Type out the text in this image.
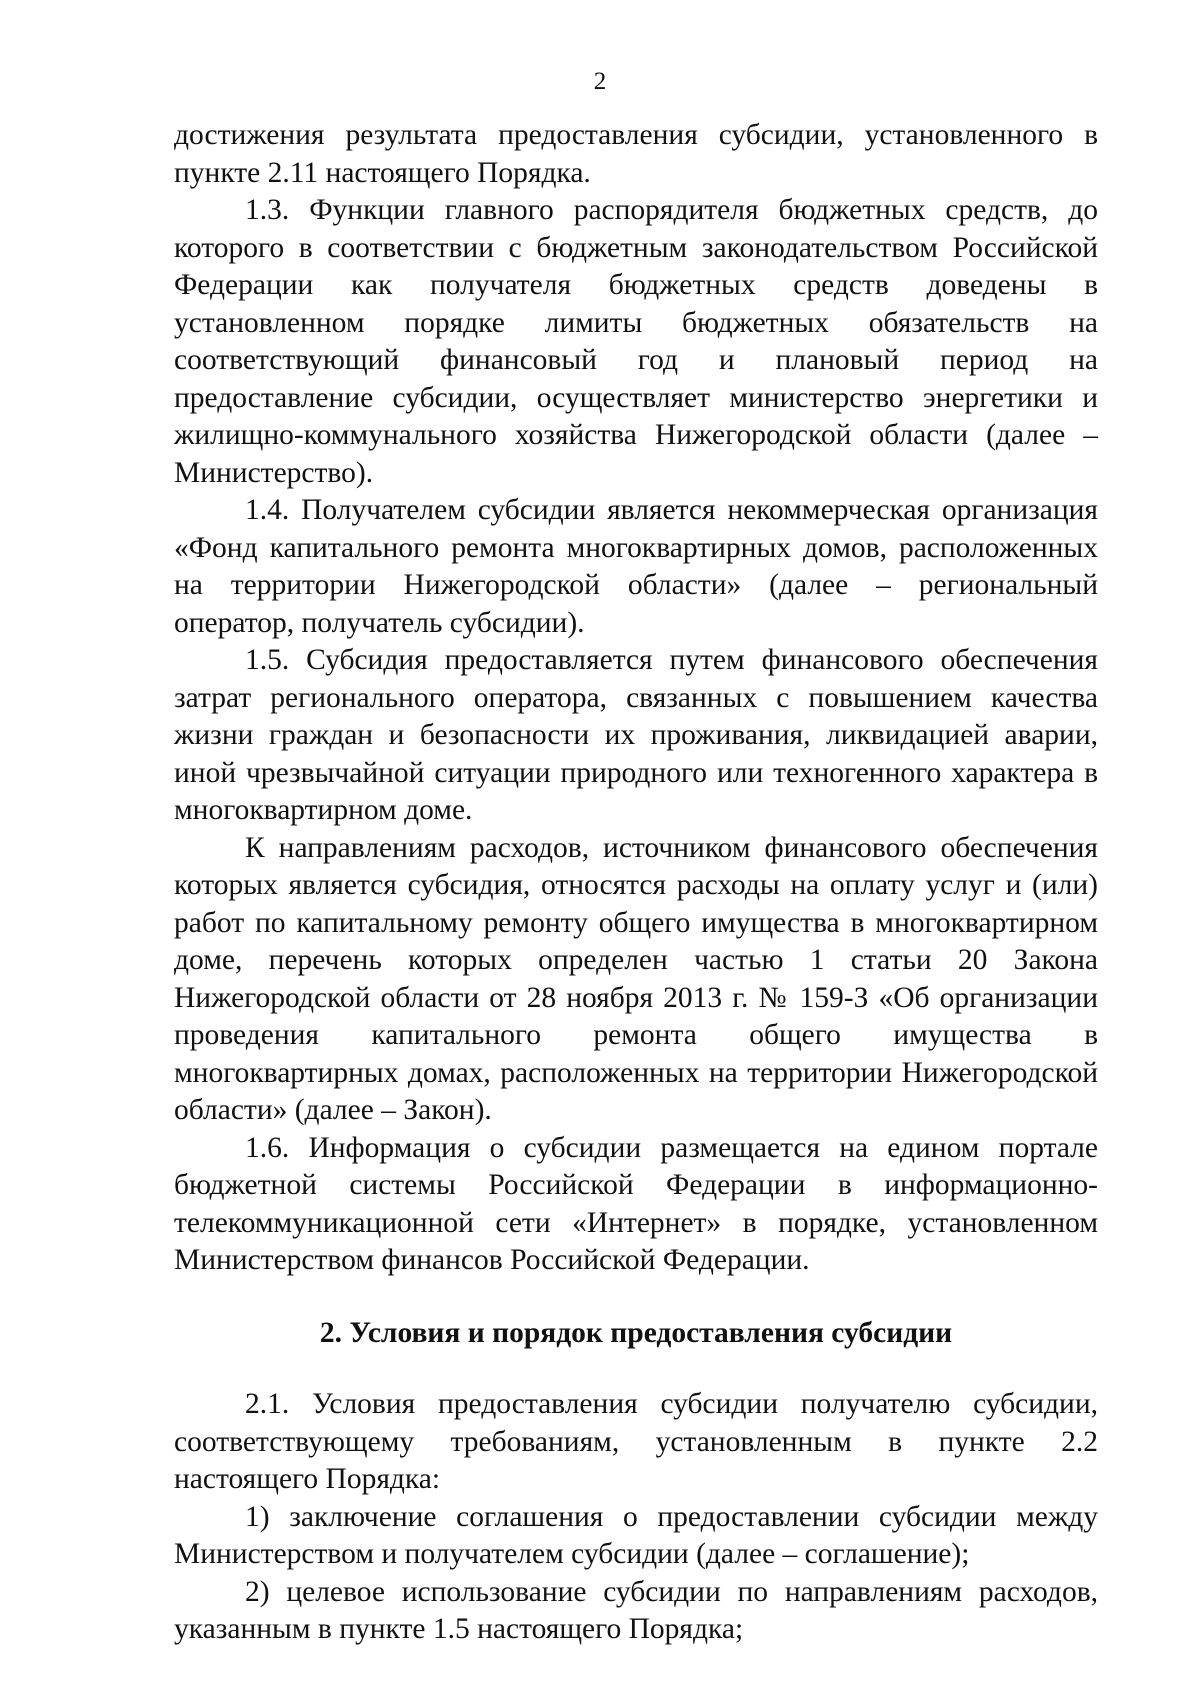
2

достижения результата предоставления субсидии, установленного в пункте 2.11 настоящего Порядка.

1.3. Функции главного распорядителя бюджетных средств, до которого в соответствии с бюджетным законодательством Российской Федерации как получателя бюджетных средств доведены в установленном порядке лимиты бюджетных обязательств на соответствующий финансовый год и плановый период на предоставление субсидии, осуществляет министерство энергетики и жилищно-коммунального хозяйства Нижегородской области (далее – Министерство).

1.4. Получателем субсидии является некоммерческая организация «Фонд капитального ремонта многоквартирных домов, расположенных на территории Нижегородской области» (далее – региональный оператор, получатель субсидии).

1.5. Субсидия предоставляется путем финансового обеспечения затрат регионального оператора, связанных с повышением качества жизни граждан и безопасности их проживания, ликвидацией аварии, иной чрезвычайной ситуации природного или техногенного характера в многоквартирном доме.

К направлениям расходов, источником финансового обеспечения которых является субсидия, относятся расходы на оплату услуг и (или) работ по капитальному ремонту общего имущества в многоквартирном доме, перечень которых определен частью 1 статьи 20 Закона Нижегородской области от 28 ноября 2013 г. № 159-З «Об организации проведения капитального ремонта общего имущества в многоквартирных домах, расположенных на территории Нижегородской области» (далее – Закон).

1.6. Информация о субсидии размещается на едином портале бюджетной системы Российской Федерации в информационно-телекоммуникационной сети «Интернет» в порядке, установленном Министерством финансов Российской Федерации.

2. Условия и порядок предоставления субсидии

2.1. Условия предоставления субсидии получателю субсидии, соответствующему требованиям, установленным в пункте 2.2 настоящего Порядка:

1) заключение соглашения о предоставлении субсидии между Министерством и получателем субсидии (далее – соглашение);

2) целевое использование субсидии по направлениям расходов, указанным в пункте 1.5 настоящего Порядка;
